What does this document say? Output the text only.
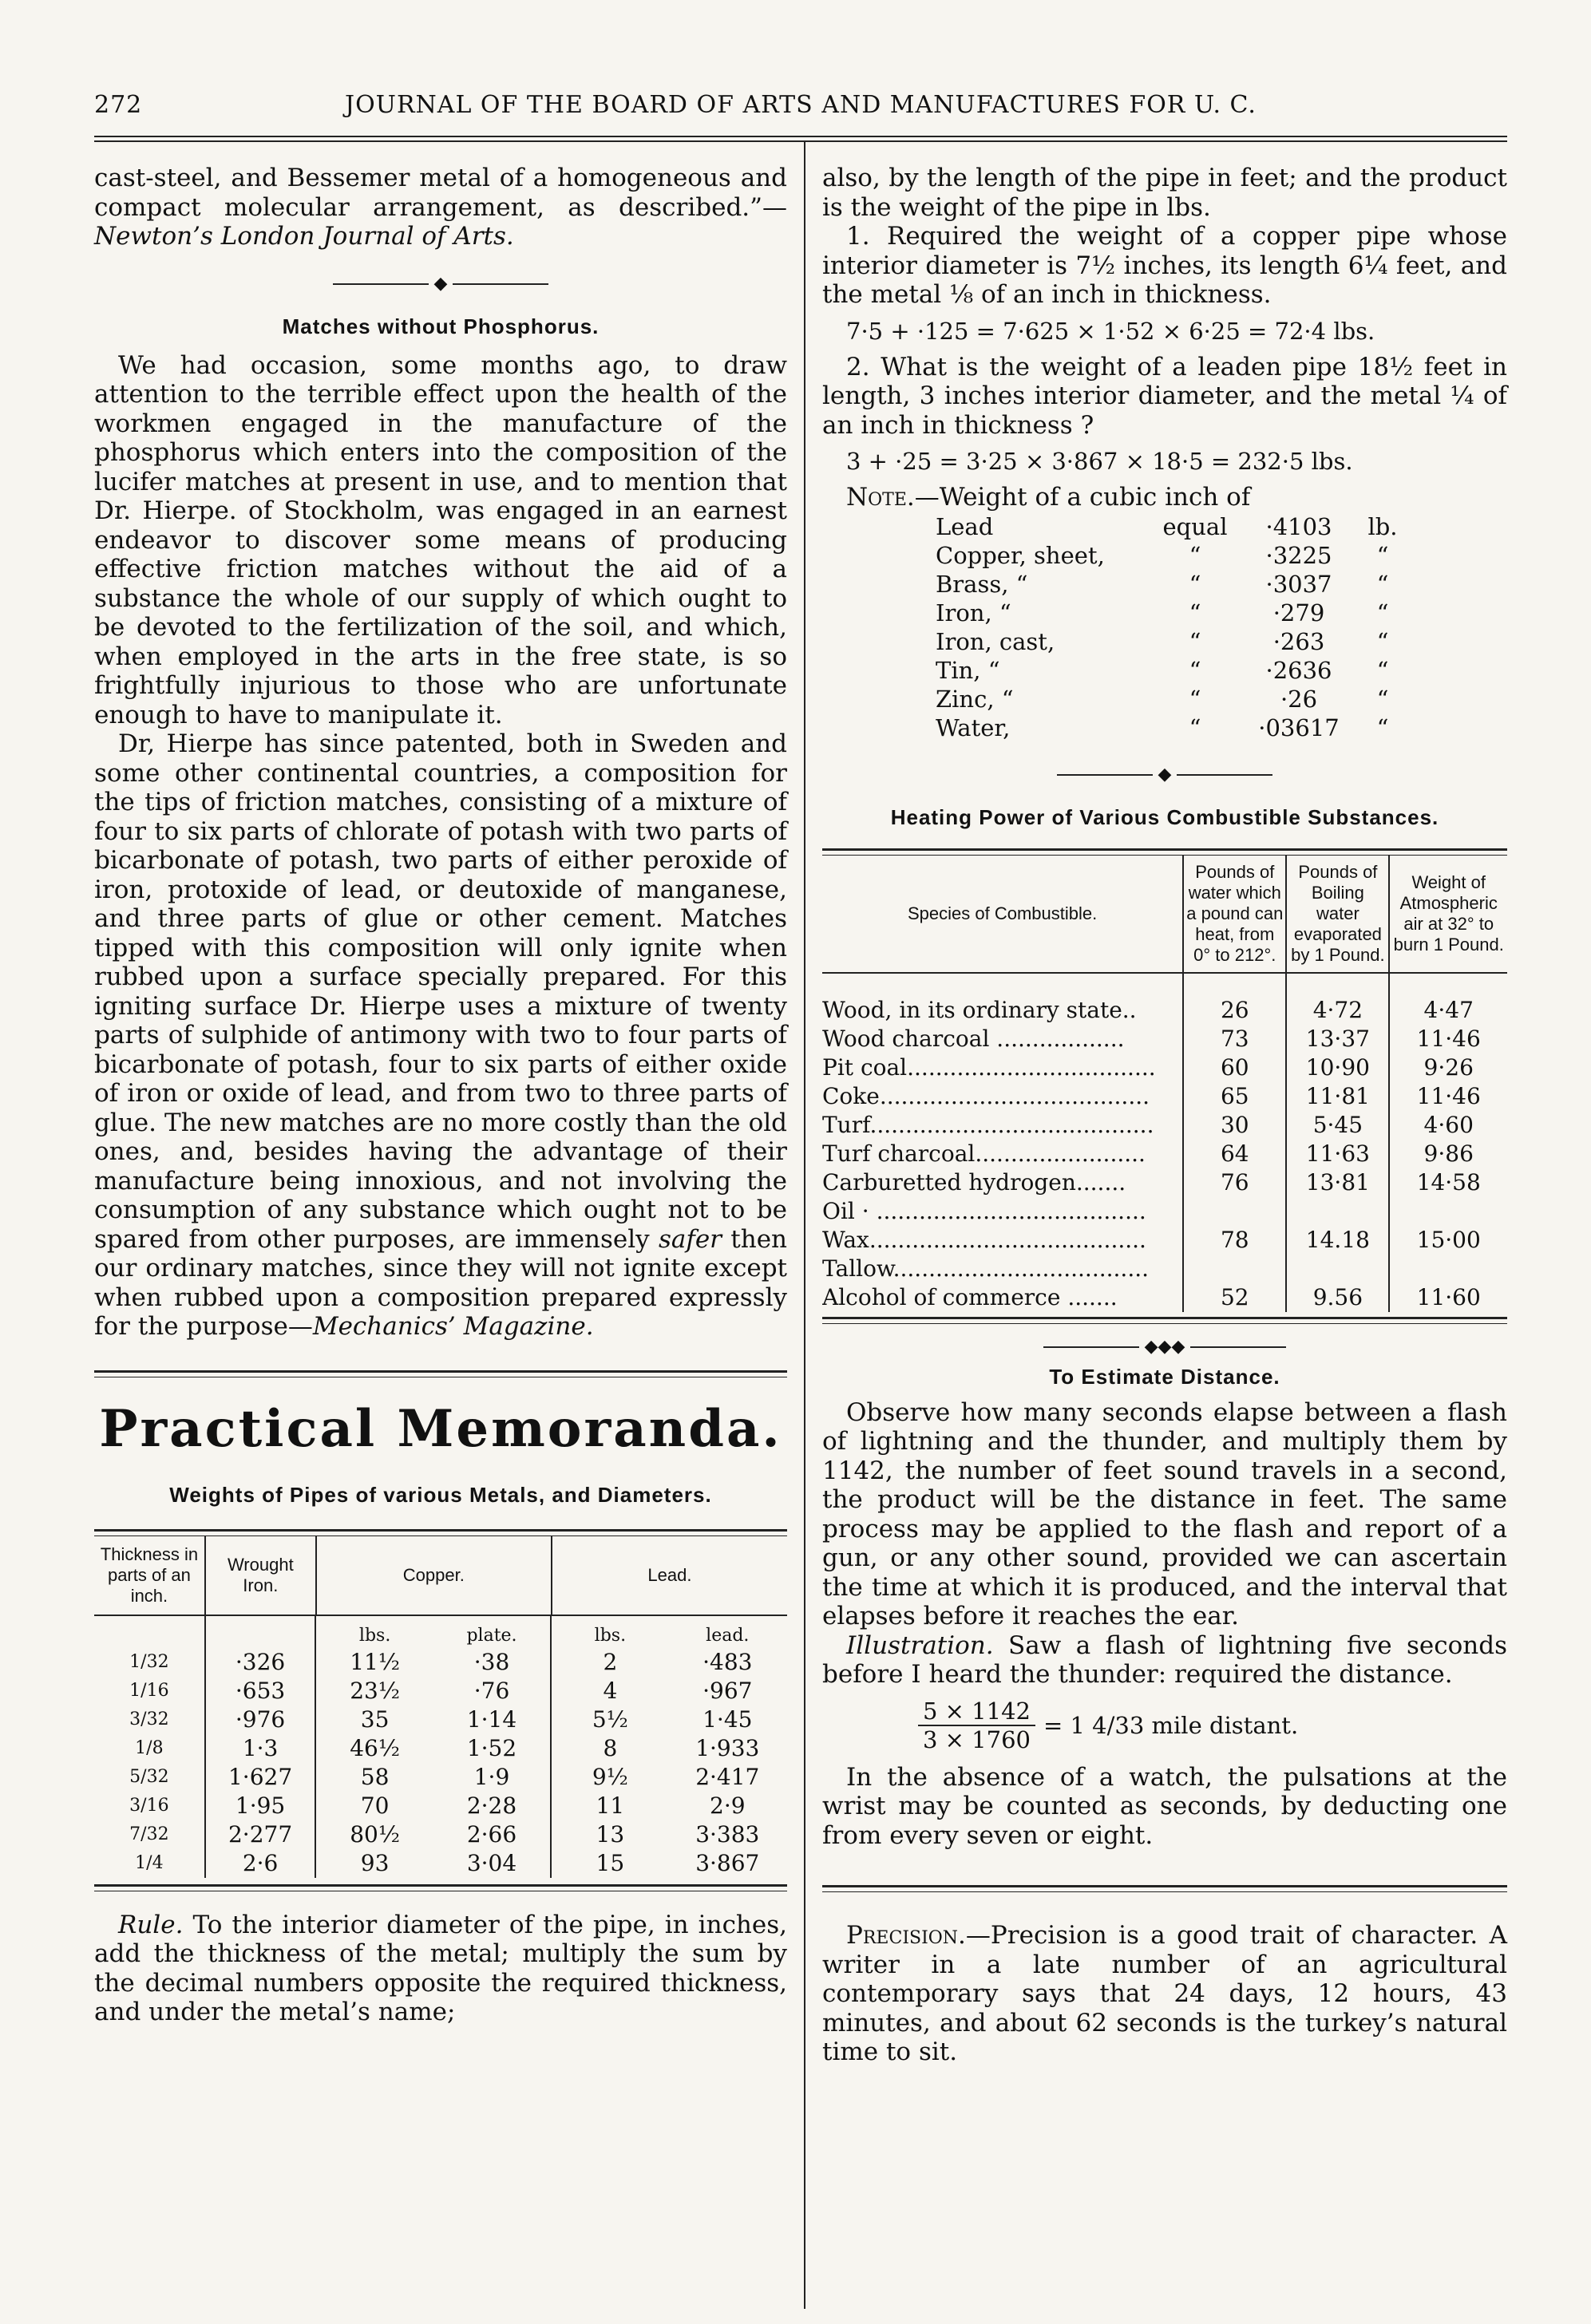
272	JOURNAL OF THE BOARD OF ARTS AND MANUFACTURES FOR U. C.

cast-steel, and Bessemer metal of a homogeneous and compact molecular arrangement, as described.”—Newton’s London Journal of Arts.

◆
Matches without Phosphorus.

We had occasion, some months ago, to draw attention to the terrible effect upon the health of the workmen engaged in the manufacture of the phosphorus which enters into the composition of the lucifer matches at present in use, and to mention that Dr. Hierpe. of Stockholm, was engaged in an earnest endeavor to discover some means of producing effective friction matches without the aid of a substance the whole of our supply of which ought to be devoted to the fertilization of the soil, and which, when employed in the arts in the free state, is so frightfully injurious to those who are unfortunate enough to have to manipulate it.

Dr, Hierpe has since patented, both in Sweden and some other continental countries, a composition for the tips of friction matches, consisting of a mixture of four to six parts of chlorate of potash with two parts of bicarbonate of potash, two parts of either peroxide of iron, protoxide of lead, or deutoxide of manganese, and three parts of glue or other cement. Matches tipped with this composition will only ignite when rubbed upon a surface specially prepared. For this igniting surface Dr. Hierpe uses a mixture of twenty parts of sulphide of antimony with two to four parts of bicarbonate of potash, four to six parts of either oxide of iron or oxide of lead, and from two to three parts of glue. The new matches are no more costly than the old ones, and, besides having the advantage of their manufacture being innoxious, and not involving the consumption of any substance which ought not to be spared from other purposes, are immensely safer then our ordinary matches, since they will not ignite except when rubbed upon a composition prepared expressly for the purpose—Mechanics’ Magazine.

Practical Memoranda.
Weights of Pipes of various Metals, and Diameters.
Thickness in parts of an inch.	Wrought Iron.	Copper.	Lead.
		lbs.	plate.	lbs.	lead.
1/32	·326	11½	·38	2	·483
1/16	·653	23½	·76	4	·967
3/32	·976	35	1·14	5½	1·45
1/8	1·3	46½	1·52	8	1·933
5/32	1·627	58	1·9	9½	2·417
3/16	1·95	70	2·28	11	2·9
7/32	2·277	80½	2·66	13	3·383
1/4	2·6	93	3·04	15	3·867

Rule. To the interior diameter of the pipe, in inches, add the thickness of the metal; multiply the sum by the decimal numbers opposite the required thickness, and under the metal’s name;

also, by the length of the pipe in feet; and the product is the weight of the pipe in lbs.

1. Required the weight of a copper pipe whose interior diameter is 7½ inches, its length 6¼ feet, and the metal ⅛ of an inch in thickness.

7·5 + ·125 = 7·625 × 1·52 × 6·25 = 72·4 lbs.

2. What is the weight of a leaden pipe 18½ feet in length, 3 inches interior diameter, and the metal ¼ of an inch in thickness ?

3 + ·25 = 3·25 × 3·867 × 18·5 = 232·5 lbs.

Note.—Weight of a cubic inch of

Lead	equal	·4103	lb.
Copper, sheet,	“	·3225	“
Brass, “	“	·3037	“
Iron, “	“	·279	“
Iron, cast,	“	·263	“
Tin, “	“	·2636	“
Zinc, “	“	·26	“
Water,	“	·03617	“
◆
Heating Power of Various Combustible Substances.
Species of Combustible.	Pounds of water which a pound can heat, from 0° to 212°.	Pounds of Boiling water evaporated by 1 Pound.	Weight of Atmospheric air at 32° to burn 1 Pound.
Wood, in its ordinary state..	26	4·72	4·47
Wood charcoal ..................	73	13·37	11·46
Pit coal...................................	60	10·90	9·26
Coke......................................	65	11·81	11·46
Turf........................................	30	5·45	4·60
Turf charcoal........................	64	11·63	9·86
Carburetted hydrogen.......	76	13·81	14·58
Oil · ......................................			
Wax.......................................	78	14.18	15·00
Tallow....................................			
Alcohol of commerce .......	52	9.56	11·60
◆◆◆
To Estimate Distance.

Observe how many seconds elapse between a flash of lightning and the thunder, and multiply them by 1142, the number of feet sound travels in a second, the product will be the distance in feet. The same process may be applied to the flash and report of a gun, or any other sound, provided we can ascertain the time at which it is produced, and the interval that elapses before it reaches the ear.

Illustration. Saw a flash of lightning five seconds before I heard the thunder: required the distance.

$\frac{5 \times 1142}{3 \times 1760} = 1$ 4/33 mile distant.

In the absence of a watch, the pulsations at the wrist may be counted as seconds, by deducting one from every seven or eight.

Precision.—Precision is a good trait of character. A writer in a late number of an agricultural contemporary says that 24 days, 12 hours, 43 minutes, and about 62 seconds is the turkey’s natural time to sit.
